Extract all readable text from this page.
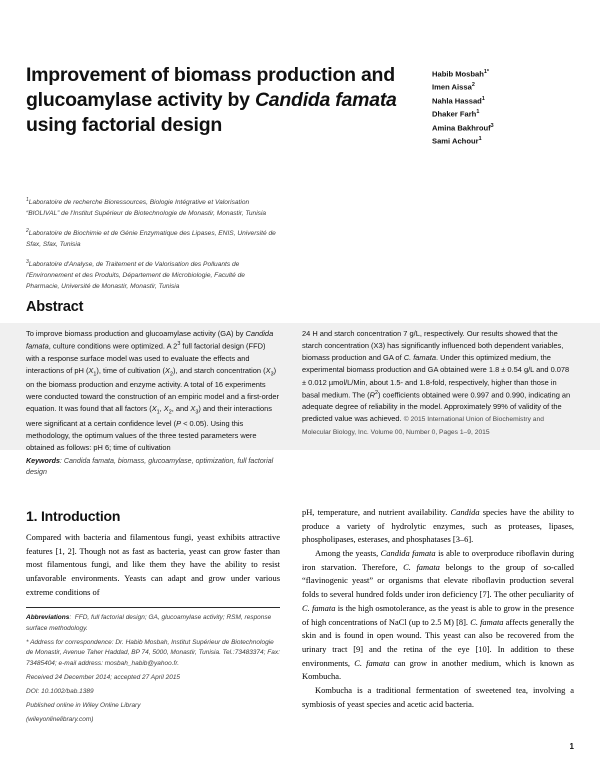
Improvement of biomass production and
glucoamylase activity by Candida famata
using factorial design
Habib Mosbah$^{1*}$
Imen Aissa$^2$
Nahla Hassad$^1$
Dhaker Farh$^1$
Amina Bakhrouf$^3$
Sami Achour$^1$

$^1$Laboratoire de recherche Bioressources, Biologie Intégrative et Valorisation “BIOLIVAL” de l'Institut Supérieur de Biotechnologie de Monastir, Monastir, Tunisia

$^2$Laboratoire de Biochimie et de Génie Enzymatique des Lipases, ENIS, Université de Sfax, Sfax, Tunisia

$^3$Laboratoire d'Analyse, de Traitement et de Valorisation des Polluants de l'Environnement et des Produits, Département de Microbiologie, Faculté de Pharmacie, Université de Monastir, Monastir, Tunisia

Abstract
To improve biomass production and glucoamylase activity (GA) by Candida famata, culture conditions were optimized. A $2^3$ full factorial design (FFD) with a response surface model was used to evaluate the effects and interactions of pH $(X_1)$, time of cultivation $(X_2)$, and starch concentration $(X_3)$ on the biomass production and enzyme activity. A total of 16 experiments were conducted toward the construction of an empiric model and a first-order equation. It was found that all factors ($X_1$, $X_2$, and $X_3$) and their interactions were significant at a certain confidence level (P < 0.05). Using this methodology, the optimum values of the three tested parameters were obtained as follows: pH 6; time of cultivation
24 H and starch concentration 7 g/L, respectively. Our results showed that the starch concentration (X3) has significantly influenced both dependent variables, biomass production and GA of C. famata. Under this optimized medium, the experimental biomass production and GA obtained were 1.8 ± 0.54 g/L and 0.078 ± 0.012 µmol/L/Min, about 1.5- and 1.8-fold, respectively, higher than those in basal medium. The $(R^2)$ coefficients obtained were 0.997 and 0.990, indicating an adequate degree of reliability in the model. Approximately 99% of validity of the predicted value was achieved. © 2015 International Union of Biochemistry and Molecular Biology, Inc. Volume 00, Number 0, Pages 1–9, 2015
Keywords: Candida famata, biomass, glucoamylase, optimization, full factorial design
1. Introduction

Compared with bacteria and filamentous fungi, yeast exhibits attractive features [1, 2]. Though not as fast as bacteria, yeast can grow faster than most filamentous fungi, and like them they have the ability to resist unfavorable environments. Yeasts can adapt and grow under various extreme conditions of

pH, temperature, and nutrient availability. Candida species have the ability to produce a variety of hydrolytic enzymes, such as proteases, lipases, phospholipases, esterases, and phosphatases [3–6].

Among the yeasts, Candida famata is able to overproduce riboflavin during iron starvation. Therefore, C. famata belongs to the group of so-called “flavinogenic yeast” or organisms that elevate riboflavin production several folds to several hundred folds under iron deficiency [7]. The other peculiarity of C. famata is the high osmotolerance, as the yeast is able to grow in the presence of high concentrations of NaCl (up to 2.5 M) [8]. C. famata affects generally the skin and is found in open wound. This yeast can also be recovered from the urinary tract [9] and the retina of the eye [10]. In addition to these environments, C. famata can grow in another medium, which is known as Kombucha.

Kombucha is a traditional fermentation of sweetened tea, involving a symbiosis of yeast species and acetic acid bacteria.

Abbreviations:  FFD, full factorial design; GA, glucoamylase activity; RSM, response surface methodology.

* Address for correspondence: Dr. Habib Mosbah, Institut Supérieur de Biotechnologie de Monastir, Avenue Taher Haddad, BP 74, 5000, Monastir, Tunisia. Tel.:73483374; Fax: 73485404; e-mail address: mosbah_habib@yahoo.fr.

Received 24 December 2014; accepted 27 April 2015

DOI: 10.1002/bab.1389

Published online in Wiley Online Library

(wileyonlinelibrary.com)

1
